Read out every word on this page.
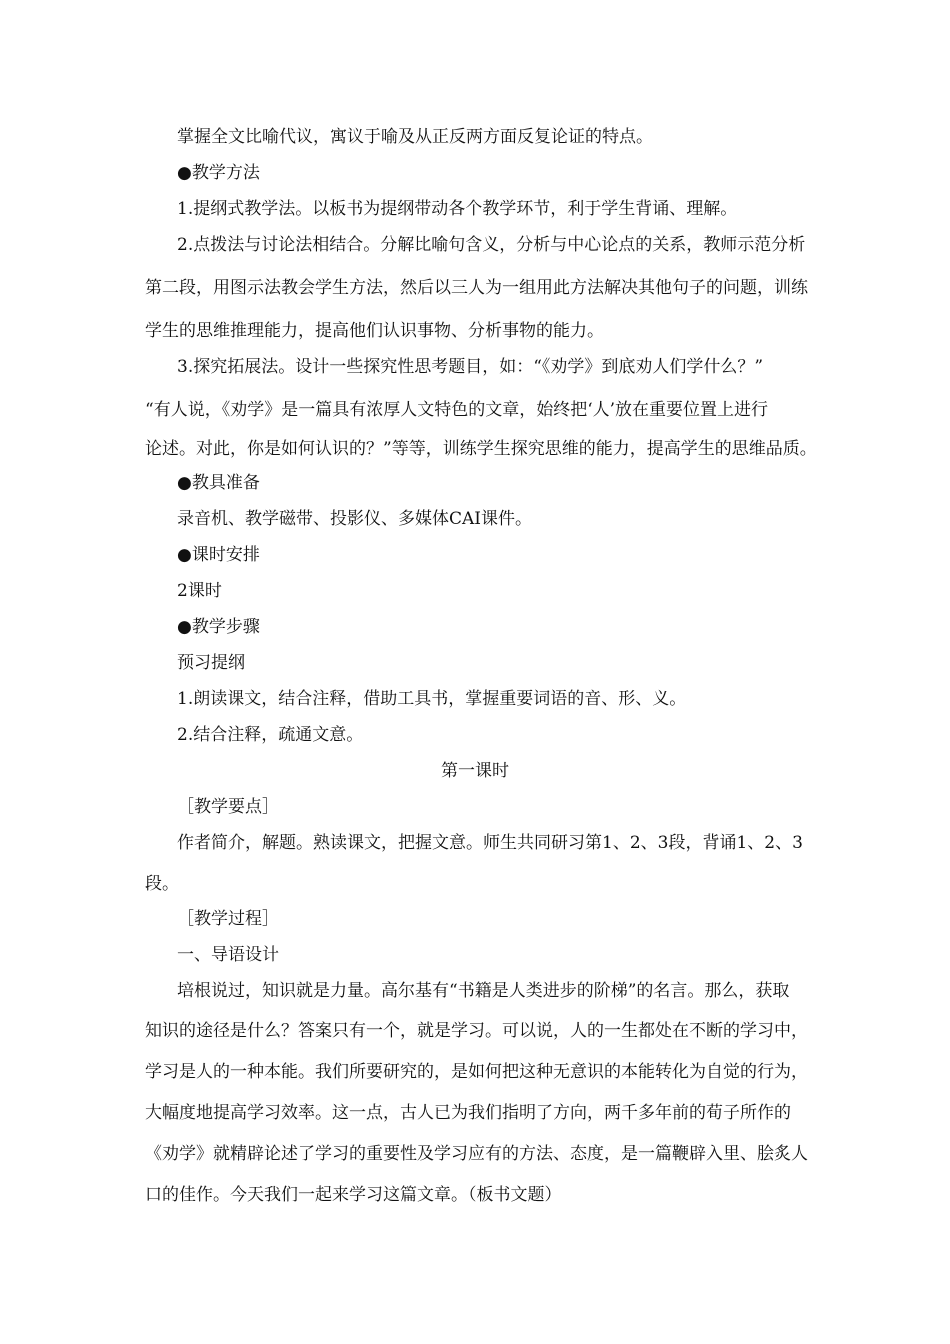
掌握全文比喻代议，寓议于喻及从正反两方面反复论证的特点。
●教学方法
1.提纲式教学法。以板书为提纲带动各个教学环节，利于学生背诵、理解。
2.点拨法与讨论法相结合。分解比喻句含义，分析与中心论点的关系，教师示范分析
第二段，用图示法教会学生方法，然后以三人为一组用此方法解决其他句子的问题，训练
学生的思维推理能力，提高他们认识事物、分析事物的能力。
3.探究拓展法。设计一些探究性思考题目，如：“《劝学》到底劝人们学什么？”
“有人说，《劝学》是一篇具有浓厚人文特色的文章，始终把‘人’放在重要位置上进行
论述。对此，你是如何认识的？”等等，训练学生探究思维的能力，提高学生的思维品质。
●教具准备
录音机、教学磁带、投影仪、多媒体CAI课件。
●课时安排
2课时
●教学步骤
预习提纲
1.朗读课文，结合注释，借助工具书，掌握重要词语的音、形、义。
2.结合注释，疏通文意。
第一课时
［教学要点］
作者简介，解题。熟读课文，把握文意。师生共同研习第1、2、3段，背诵1、2、3
段。
［教学过程］
一、导语设计
培根说过，知识就是力量。高尔基有“书籍是人类进步的阶梯”的名言。那么，获取
知识的途径是什么？答案只有一个，就是学习。可以说，人的一生都处在不断的学习中，
学习是人的一种本能。我们所要研究的，是如何把这种无意识的本能转化为自觉的行为，
大幅度地提高学习效率。这一点，古人已为我们指明了方向，两千多年前的荀子所作的
《劝学》就精辟论述了学习的重要性及学习应有的方法、态度，是一篇鞭辟入里、脍炙人
口的佳作。今天我们一起来学习这篇文章。（板书文题）
